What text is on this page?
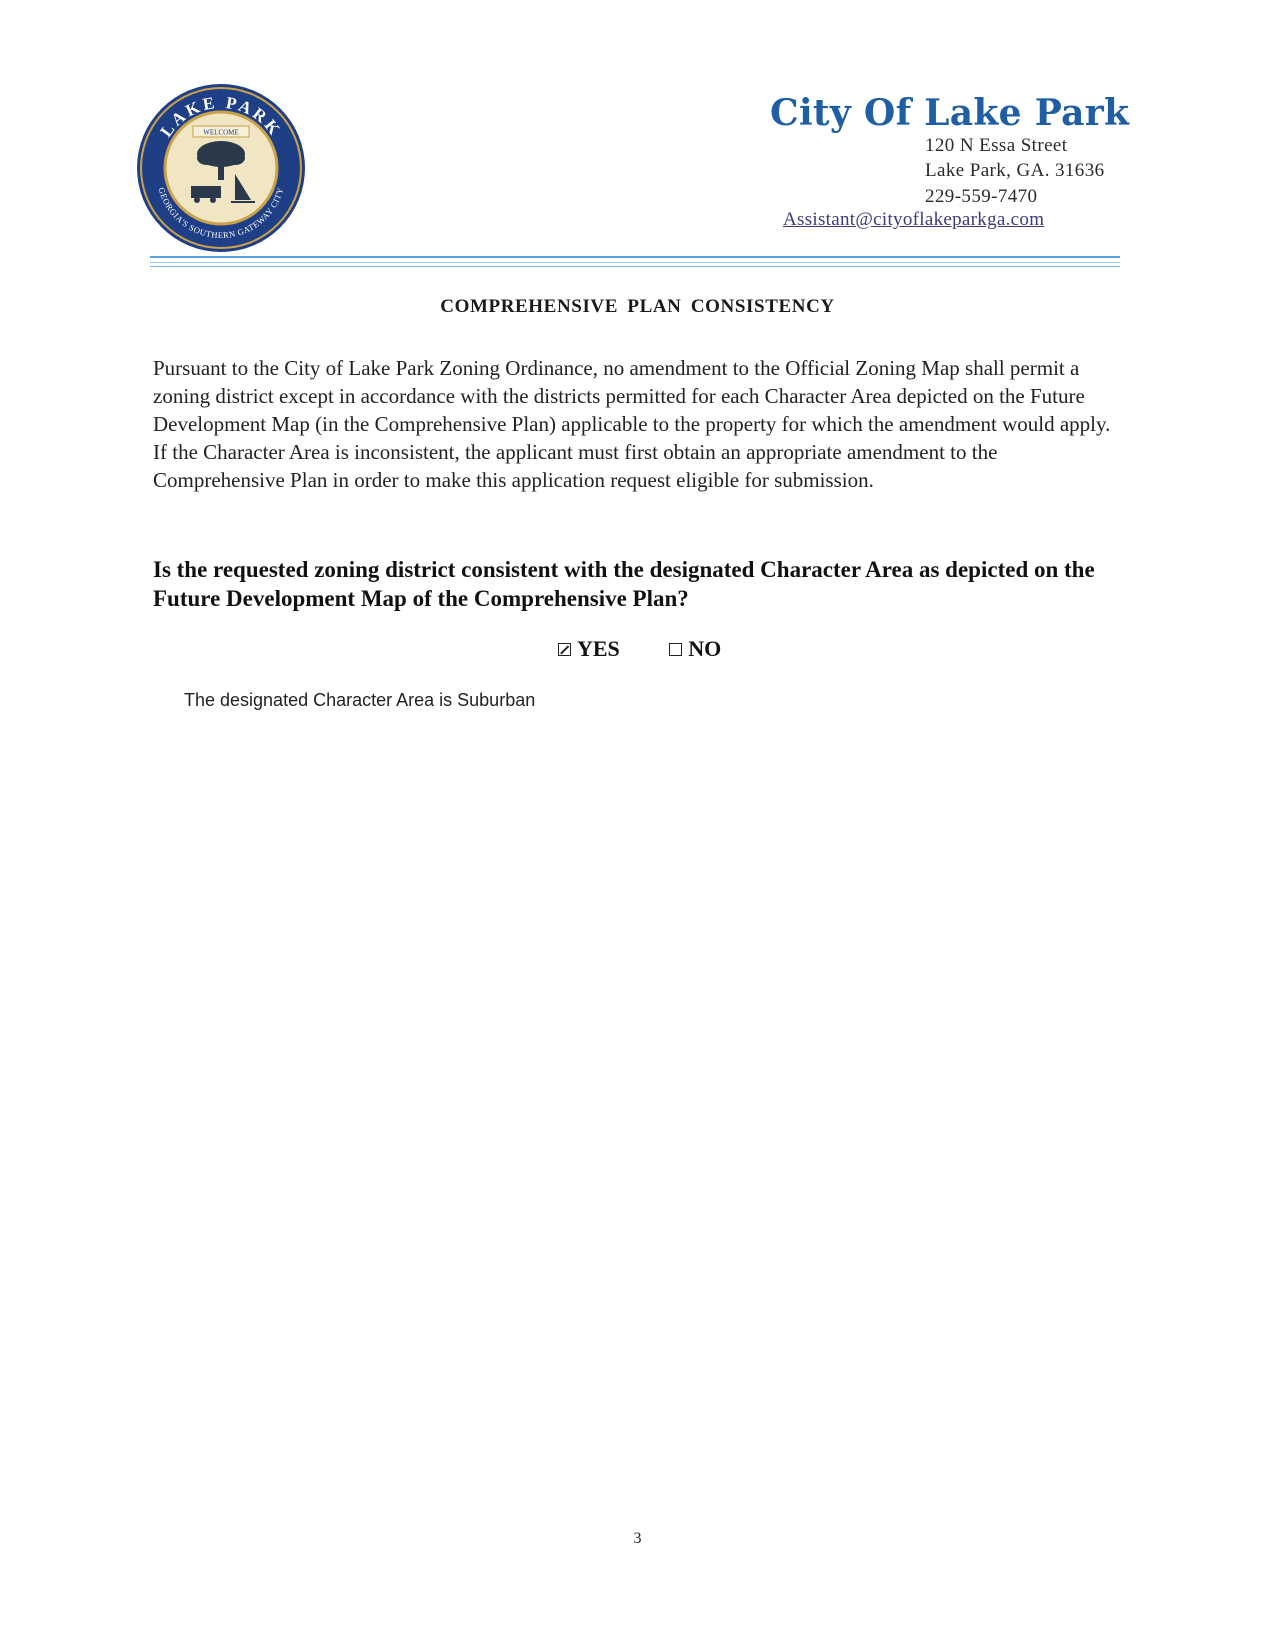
LAKE PARK
GEORGIA'S SOUTHERN GATEWAY CITY
WELCOME	City Of Lake Park
120 N Essa Street
Lake Park, GA. 31636
229-559-7470
Assistant@cityoflakeparkga.com
COMPREHENSIVE PLAN CONSISTENCY
Pursuant to the City of Lake Park Zoning Ordinance, no amendment to the Official Zoning Map shall permit a zoning district except in accordance with the districts permitted for each Character Area depicted on the Future Development Map (in the Comprehensive Plan) applicable to the property for which the amendment would apply. If the Character Area is inconsistent, the applicant must first obtain an appropriate amendment to the Comprehensive Plan in order to make this application request eligible for submission.
Is the requested zoning district consistent with the designated Character Area as depicted on the Future Development Map of the Comprehensive Plan?
YES
	NO
The designated Character Area is Suburban
3
